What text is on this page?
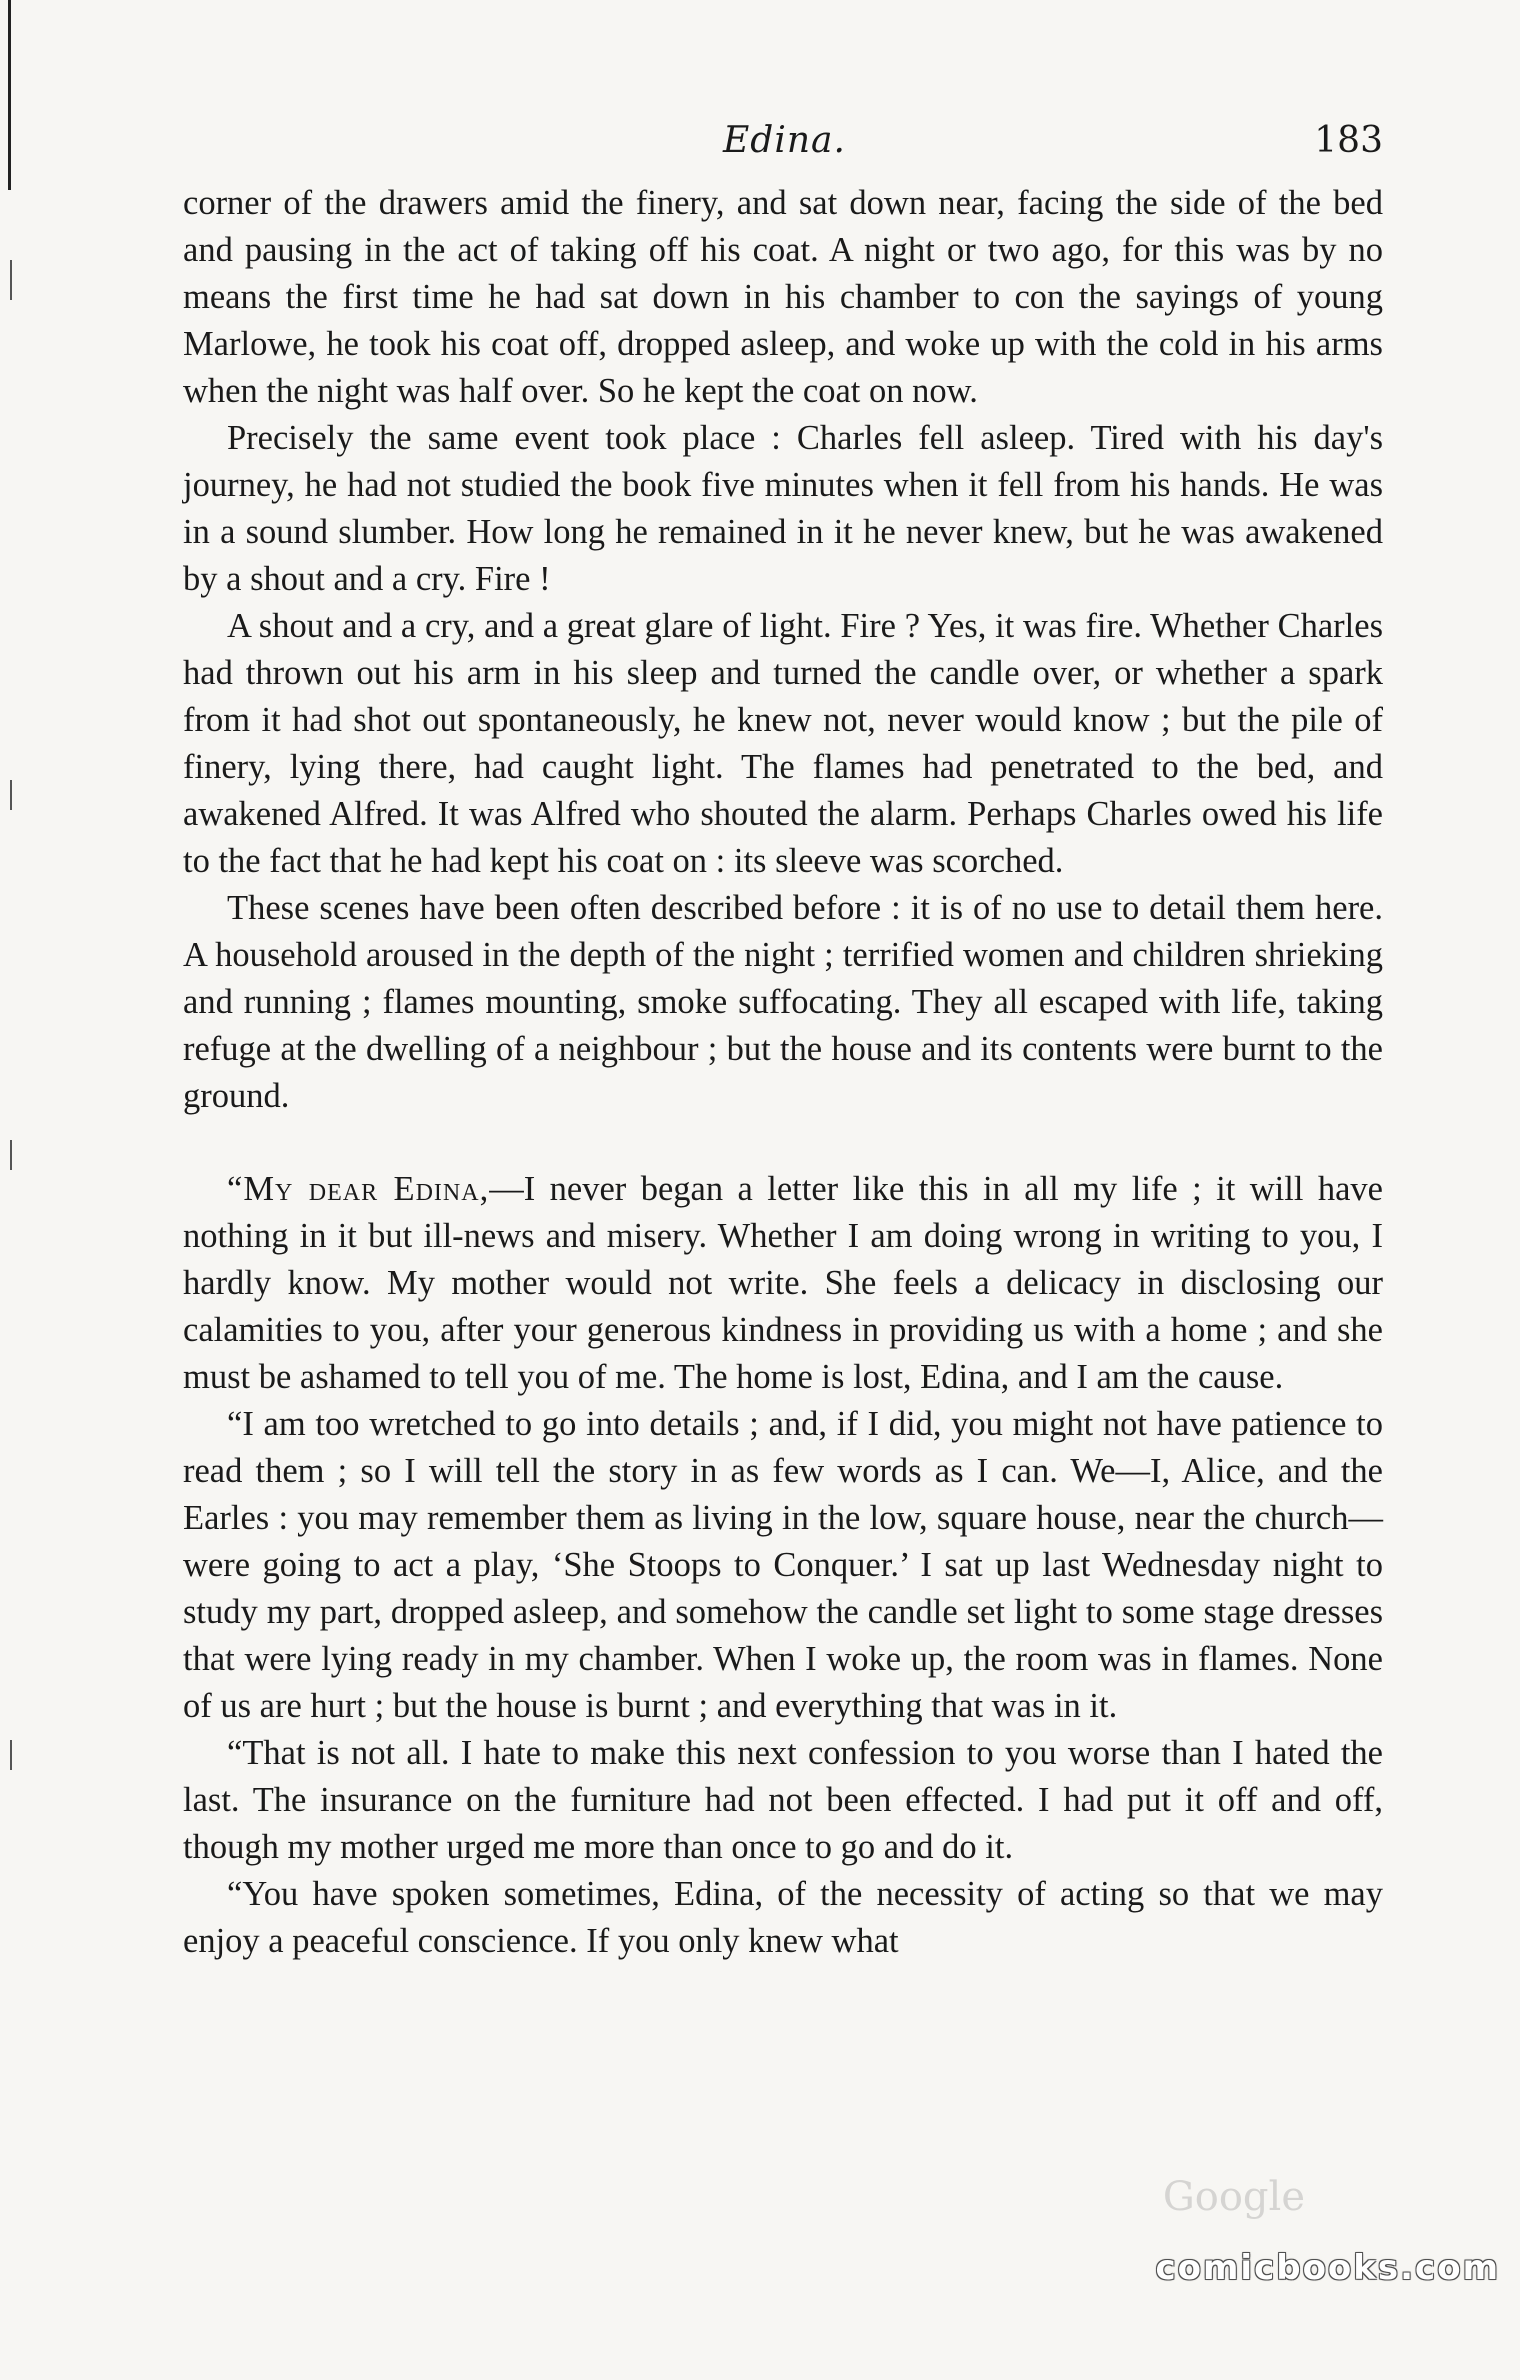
Edina.	183

corner of the drawers amid the finery, and sat down near, facing the side of the bed and pausing in the act of taking off his coat. A night or two ago, for this was by no means the first time he had sat down in his chamber to con the sayings of young Marlowe, he took his coat off, dropped asleep, and woke up with the cold in his arms when the night was half over. So he kept the coat on now.

Precisely the same event took place : Charles fell asleep. Tired with his day's journey, he had not studied the book five minutes when it fell from his hands. He was in a sound slumber. How long he remained in it he never knew, but he was awakened by a shout and a cry. Fire !

A shout and a cry, and a great glare of light. Fire ? Yes, it was fire. Whether Charles had thrown out his arm in his sleep and turned the candle over, or whether a spark from it had shot out spontaneously, he knew not, never would know ; but the pile of finery, lying there, had caught light. The flames had penetrated to the bed, and awakened Alfred. It was Alfred who shouted the alarm. Perhaps Charles owed his life to the fact that he had kept his coat on : its sleeve was scorched.

These scenes have been often described before : it is of no use to detail them here. A household aroused in the depth of the night ; terrified women and children shrieking and running ; flames mounting, smoke suffocating. They all escaped with life, taking refuge at the dwelling of a neighbour ; but the house and its contents were burnt to the ground.

“My dear Edina,—I never began a letter like this in all my life ; it will have nothing in it but ill-news and misery. Whether I am doing wrong in writing to you, I hardly know. My mother would not write. She feels a delicacy in disclosing our calamities to you, after your generous kindness in providing us with a home ; and she must be ashamed to tell you of me. The home is lost, Edina, and I am the cause.

“I am too wretched to go into details ; and, if I did, you might not have patience to read them ; so I will tell the story in as few words as I can. We—I, Alice, and the Earles : you may remember them as living in the low, square house, near the church—were going to act a play, ‘She Stoops to Conquer.’ I sat up last Wednesday night to study my part, dropped asleep, and somehow the candle set light to some stage dresses that were lying ready in my chamber. When I woke up, the room was in flames. None of us are hurt ; but the house is burnt ; and everything that was in it.

“That is not all. I hate to make this next confession to you worse than I hated the last. The insurance on the furniture had not been effected. I had put it off and off, though my mother urged me more than once to go and do it.

“You have spoken sometimes, Edina, of the necessity of acting so that we may enjoy a peaceful conscience. If you only knew what

Google
comicbooks.com
